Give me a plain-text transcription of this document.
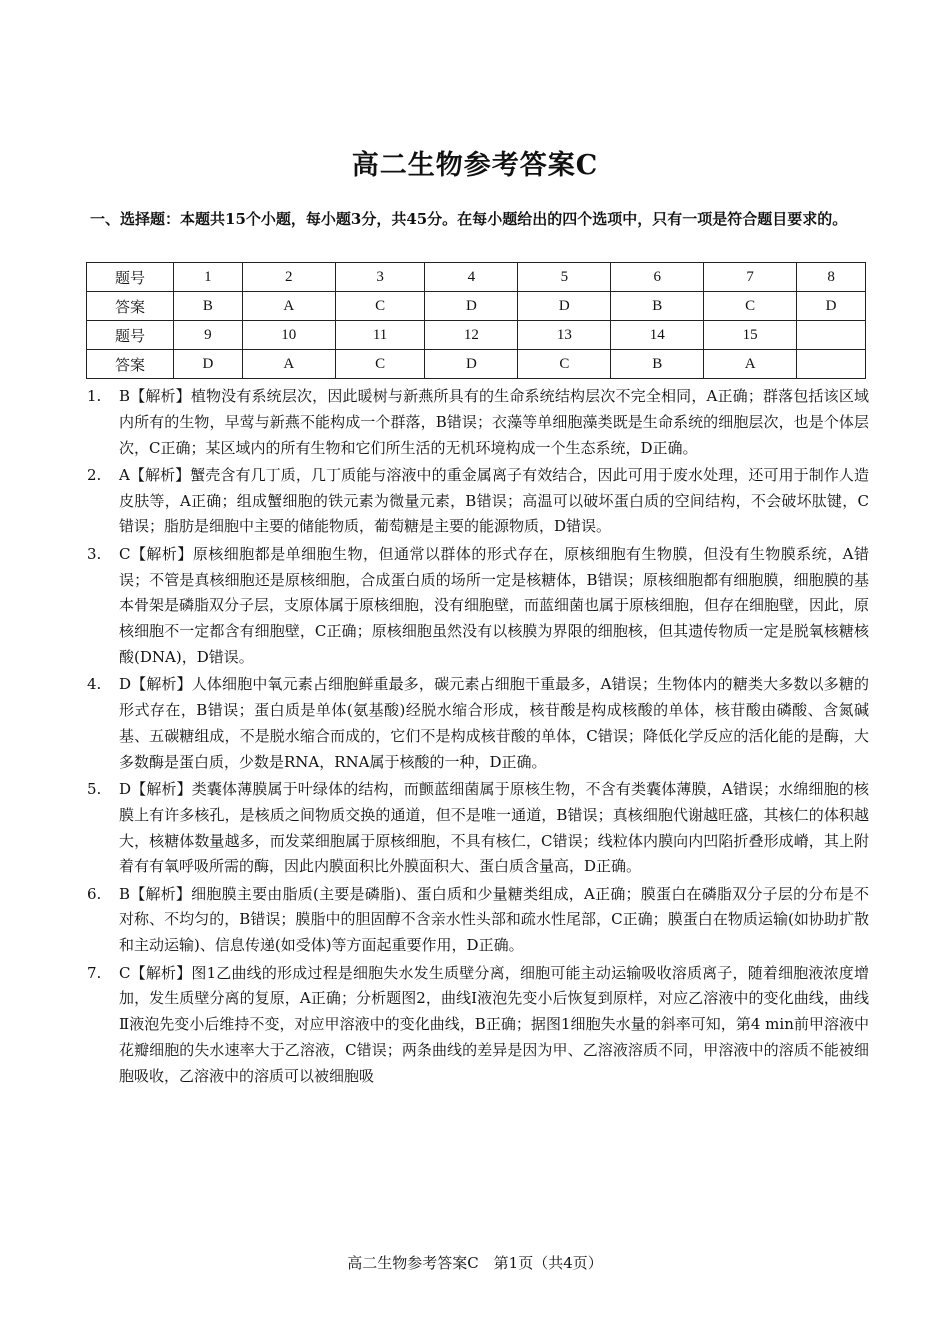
高二生物参考答案C
一、选择题：本题共15个小题，每小题3分，共45分。在每小题给出的四个选项中，只有一项是符合题目要求的。
题号	1	2	3	4	5	6	7	8
答案	B	A	C	D	D	B	C	D
题号	9	10	11	12	13	14	15	
答案	D	A	C	D	C	B	A	
1.	B【解析】植物没有系统层次，因此暖树与新燕所具有的生命系统结构层次不完全相同，A正确；群落包括该区域内所有的生物，早莺与新燕不能构成一个群落，B错误；衣藻等单细胞藻类既是生命系统的细胞层次，也是个体层次，C正确；某区域内的所有生物和它们所生活的无机环境构成一个生态系统，D正确。
2.	A【解析】蟹壳含有几丁质，几丁质能与溶液中的重金属离子有效结合，因此可用于废水处理，还可用于制作人造皮肤等，A正确；组成蟹细胞的铁元素为微量元素，B错误；高温可以破坏蛋白质的空间结构，不会破坏肽键，C错误；脂肪是细胞中主要的储能物质，葡萄糖是主要的能源物质，D错误。
3.	C【解析】原核细胞都是单细胞生物，但通常以群体的形式存在，原核细胞有生物膜，但没有生物膜系统，A错误；不管是真核细胞还是原核细胞，合成蛋白质的场所一定是核糖体，B错误；原核细胞都有细胞膜，细胞膜的基本骨架是磷脂双分子层，支原体属于原核细胞，没有细胞壁，而蓝细菌也属于原核细胞，但存在细胞壁，因此，原核细胞不一定都含有细胞壁，C正确；原核细胞虽然没有以核膜为界限的细胞核，但其遗传物质一定是脱氧核糖核酸(DNA)，D错误。
4.	D【解析】人体细胞中氧元素占细胞鲜重最多，碳元素占细胞干重最多，A错误；生物体内的糖类大多数以多糖的形式存在，B错误；蛋白质是单体(氨基酸)经脱水缩合形成，核苷酸是构成核酸的单体，核苷酸由磷酸、含氮碱基、五碳糖组成，不是脱水缩合而成的，它们不是构成核苷酸的单体，C错误；降低化学反应的活化能的是酶，大多数酶是蛋白质，少数是RNA，RNA属于核酸的一种，D正确。
5.	D【解析】类囊体薄膜属于叶绿体的结构，而颤蓝细菌属于原核生物，不含有类囊体薄膜，A错误；水绵细胞的核膜上有许多核孔，是核质之间物质交换的通道，但不是唯一通道，B错误；真核细胞代谢越旺盛，其核仁的体积越大，核糖体数量越多，而发菜细胞属于原核细胞，不具有核仁，C错误；线粒体内膜向内凹陷折叠形成嵴，其上附着有有氧呼吸所需的酶，因此内膜面积比外膜面积大、蛋白质含量高，D正确。
6.	B【解析】细胞膜主要由脂质(主要是磷脂)、蛋白质和少量糖类组成，A正确；膜蛋白在磷脂双分子层的分布是不对称、不均匀的，B错误；膜脂中的胆固醇不含亲水性头部和疏水性尾部，C正确；膜蛋白在物质运输(如协助扩散和主动运输)、信息传递(如受体)等方面起重要作用，D正确。
7.	C【解析】图1乙曲线的形成过程是细胞失水发生质壁分离，细胞可能主动运输吸收溶质离子，随着细胞液浓度增加，发生质壁分离的复原，A正确；分析题图2，曲线Ⅰ液泡先变小后恢复到原样，对应乙溶液中的变化曲线，曲线Ⅱ液泡先变小后维持不变，对应甲溶液中的变化曲线，B正确；据图1细胞失水量的斜率可知，第4 min前甲溶液中花瓣细胞的失水速率大于乙溶液，C错误；两条曲线的差异是因为甲、乙溶液溶质不同，甲溶液中的溶质不能被细胞吸收，乙溶液中的溶质可以被细胞吸
高二生物参考答案C　第1页（共4页）
